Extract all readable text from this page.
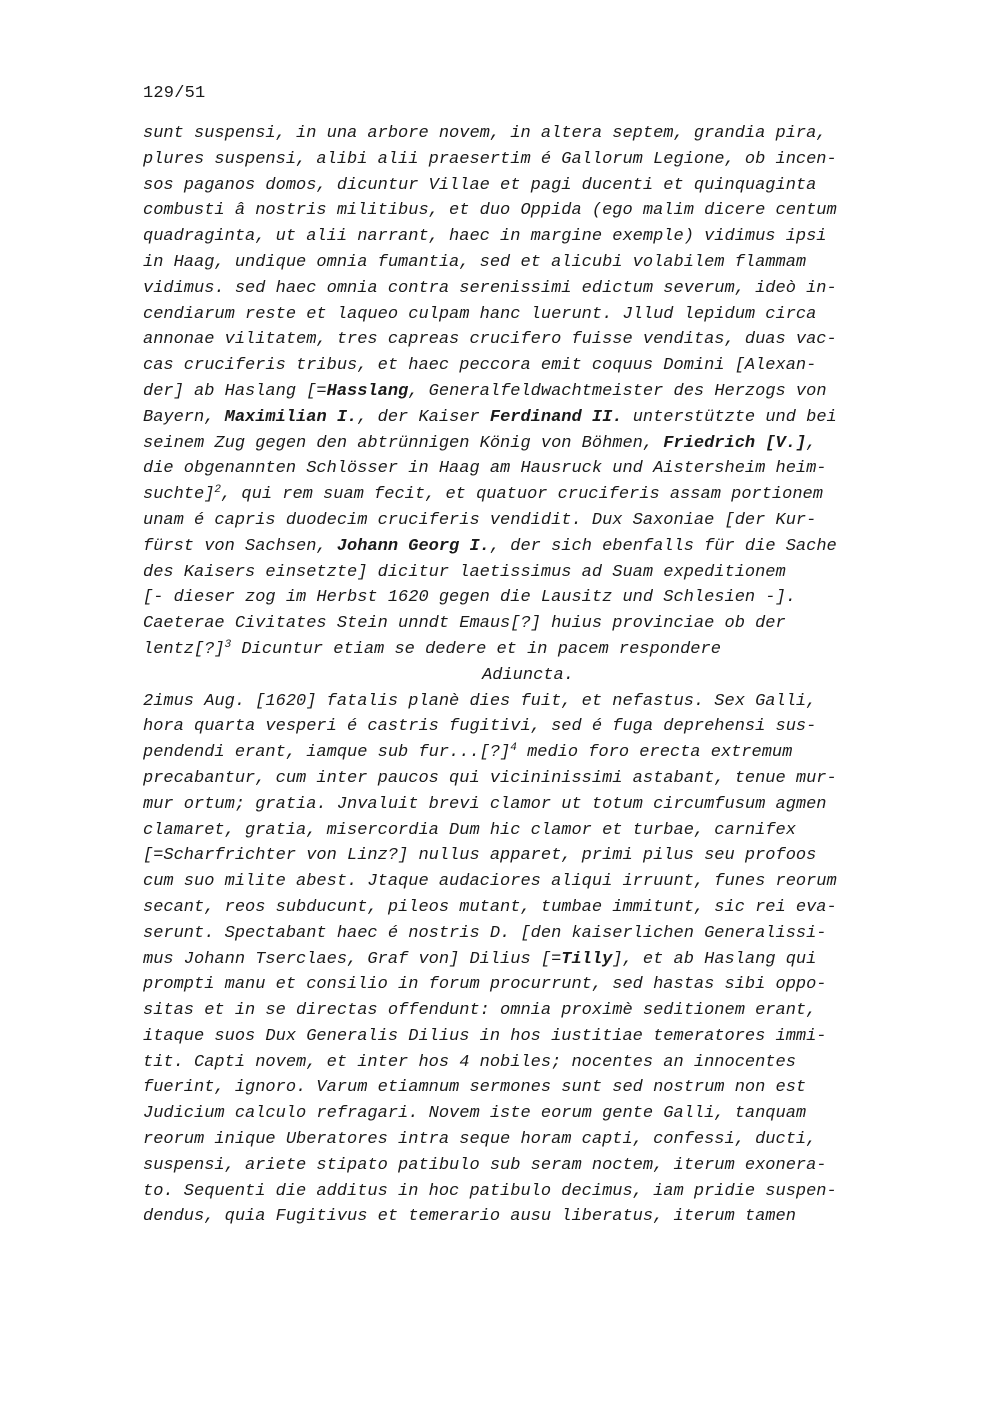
129/51
sunt suspensi, in una arbore novem, in altera septem, grandia pira,
plures suspensi, alibi alii praesertim é Gallorum Legione, ob incen-
sos paganos domos, dicuntur Villae et pagi ducenti et quinquaginta
combusti â nostris militibus, et duo Oppida (ego malim dicere centum
quadraginta, ut alii narrant, haec in margine exemple) vidimus ipsi
in Haag, undique omnia fumantia, sed et alicubi volabilem flammam
vidimus. sed haec omnia contra serenissimi edictum severum, ideò in-
cendiarum reste et laqueo culpam hanc luerunt. Jllud lepidum circa
annonae vilitatem, tres capreas crucifero fuisse venditas, duas vac-
cas cruciferis tribus, et haec peccora emit coquus Domini [Alexan-
der] ab Haslang [=Hasslang, Generalfeldwachtmeister des Herzogs von
Bayern, Maximilian I., der Kaiser Ferdinand II. unterstützte und bei
seinem Zug gegen den abtrünnigen König von Böhmen, Friedrich [V.],
die obgenannten Schlösser in Haag am Hausruck und Aistersheim heim-
suchte]$^2$, qui rem suam fecit, et quatuor cruciferis assam portionem
unam é capris duodecim cruciferis vendidit. Dux Saxoniae [der Kur-
fürst von Sachsen, Johann Georg I., der sich ebenfalls für die Sache
des Kaisers einsetzte] dicitur laetissimus ad Suam expeditionem
[- dieser zog im Herbst 1620 gegen die Lausitz und Schlesien -].
Caeterae Civitates Stein unndt Emaus[?] huius provinciae ob der
lentz[?]$^3$ Dicuntur etiam se dedere et in pacem respondere
Adiuncta.
2imus Aug. [1620] fatalis planè dies fuit, et nefastus. Sex Galli,
hora quarta vesperi é castris fugitivi, sed é fuga deprehensi sus-
pendendi erant, iamque sub fur...[?]$^4$ medio foro erecta extremum
precabantur, cum inter paucos qui vicininissimi astabant, tenue mur-
mur ortum; gratia. Jnvaluit brevi clamor ut totum circumfusum agmen
clamaret, gratia, misercordia Dum hic clamor et turbae, carnifex
[=Scharfrichter von Linz?] nullus apparet, primi pilus seu profoos
cum suo milite abest. Jtaque audaciores aliqui irruunt, funes reorum
secant, reos subducunt, pileos mutant, tumbae immitunt, sic rei eva-
serunt. Spectabant haec é nostris D. [den kaiserlichen Generalissi-
mus Johann Tserclaes, Graf von] Dilius [=Tilly], et ab Haslang qui
prompti manu et consilio in forum procurrunt, sed hastas sibi oppo-
sitas et in se directas offendunt: omnia proximè seditionem erant,
itaque suos Dux Generalis Dilius in hos iustitiae temeratores immi-
tit. Capti novem, et inter hos 4 nobiles; nocentes an innocentes
fuerint, ignoro. Varum etiamnum sermones sunt sed nostrum non est
Judicium calculo refragari. Novem iste eorum gente Galli, tanquam
reorum inique Uberatores intra seque horam capti, confessi, ducti,
suspensi, ariete stipato patibulo sub seram noctem, iterum exonera-
to. Sequenti die additus in hoc patibulo decimus, iam pridie suspen-
dendus, quia Fugitivus et temerario ausu liberatus, iterum tamen
